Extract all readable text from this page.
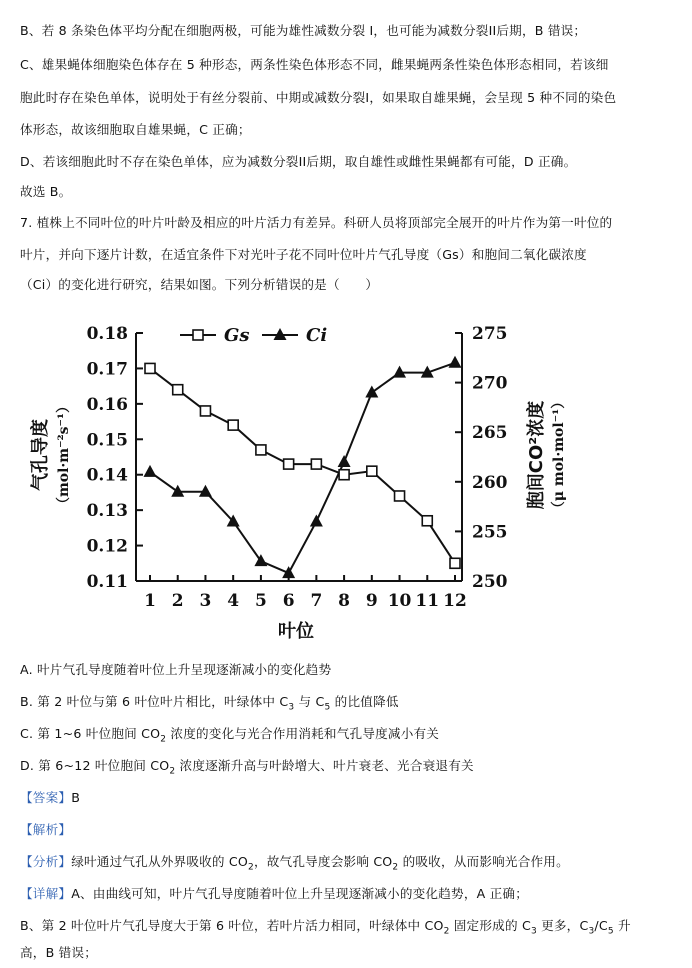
B、若 8 条染色体平均分配在细胞两极，可能为雄性减数分裂 I，也可能为减数分裂II后期，B 错误；
C、雄果蝇体细胞染色体存在 5 种形态，两条性染色体形态不同，雌果蝇两条性染色体形态相同，若该细
胞此时存在染色单体，说明处于有丝分裂前、中期或减数分裂I，如果取自雄果蝇，会呈现 5 种不同的染色
体形态，故该细胞取自雄果蝇，C 正确；
D、若该细胞此时不存在染色单体，应为减数分裂II后期，取自雄性或雌性果蝇都有可能，D 正确。
故选 B。
7. 植株上不同叶位的叶片叶龄及相应的叶片活力有差异。科研人员将顶部完全展开的叶片作为第一叶位的
叶片，并向下逐片计数，在适宜条件下对光叶子花不同叶位叶片气孔导度（Gs）和胞间二氧化碳浓度
（Ci）的变化进行研究，结果如图。下列分析错误的是（　　）
0.11
0.12
0.13
0.14
0.15
0.16
0.17
0.18
250
255
260
265
270
275
1 2 3 4 5 6 7 8 9 10 11 12
Gs	Ci
叶位
气孔导度 （mol·m⁻²s⁻¹）	胞间CO²浓度 （μ mol·mol⁻¹）
A. 叶片气孔导度随着叶位上升呈现逐渐减小的变化趋势
B. 第 2 叶位与第 6 叶位叶片相比，叶绿体中 $C_3$ 与 $C_5$ 的比值降低
C. 第 1~6 叶位胞间 $CO_2$ 浓度的变化与光合作用消耗和气孔导度减小有关
D. 第 6~12 叶位胞间 $CO_2$ 浓度逐渐升高与叶龄增大、叶片衰老、光合衰退有关
【答案】B
【解析】
【分析】绿叶通过气孔从外界吸收的 $CO_2$，故气孔导度会影响 $CO_2$ 的吸收，从而影响光合作用。
【详解】A、由曲线可知，叶片气孔导度随着叶位上升呈现逐渐减小的变化趋势，A 正确；
B、第 2 叶位叶片气孔导度大于第 6 叶位，若叶片活力相同，叶绿体中 $CO_2$ 固定形成的 $C_3$ 更多，$C_3/C_5$ 升
高，B 错误；
